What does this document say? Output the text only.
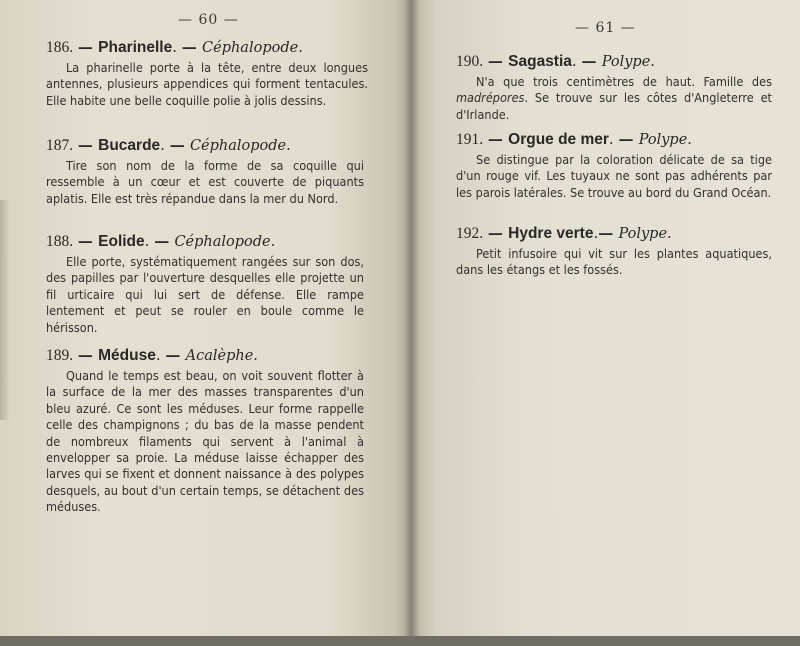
— 60 —	— 61 —
186. — Pharinelle. — Céphalopode.
La pharinelle porte à la tête, entre deux longues antennes, plusieurs appendices qui forment tentacules. Elle habite une belle coquille polie à jolis dessins.
187. — Bucarde. — Céphalopode.
Tire son nom de la forme de sa coquille qui ressemble à un cœur et est couverte de piquants aplatis. Elle est très répandue dans la mer du Nord.
188. — Eolide. — Céphalopode.
Elle porte, systématiquement rangées sur son dos, des papilles par l'ouverture desquelles elle projette un fil urticaire qui lui sert de défense. Elle rampe lentement et peut se rouler en boule comme le hérisson.
189. — Méduse. — Acalèphe.
Quand le temps est beau, on voit souvent flotter à la surface de la mer des masses transparentes d'un bleu azuré. Ce sont les méduses. Leur forme rappelle celle des champignons ; du bas de la masse pendent de nombreux filaments qui servent à l'animal à envelopper sa proie. La méduse laisse échapper des larves qui se fixent et donnent naissance à des polypes desquels, au bout d'un certain temps, se détachent des méduses.
190. — Sagastia. — Polype.
N'a que trois centimètres de haut. Famille des madrépores. Se trouve sur les côtes d'Angleterre et d'Irlande.
191. — Orgue de mer. — Polype.
Se distingue par la coloration délicate de sa tige d'un rouge vif. Les tuyaux ne sont pas adhérents par les parois latérales. Se trouve au bord du Grand Océan.
192. — Hydre verte.— Polype.
Petit infusoire qui vit sur les plantes aquatiques, dans les étangs et les fossés.
